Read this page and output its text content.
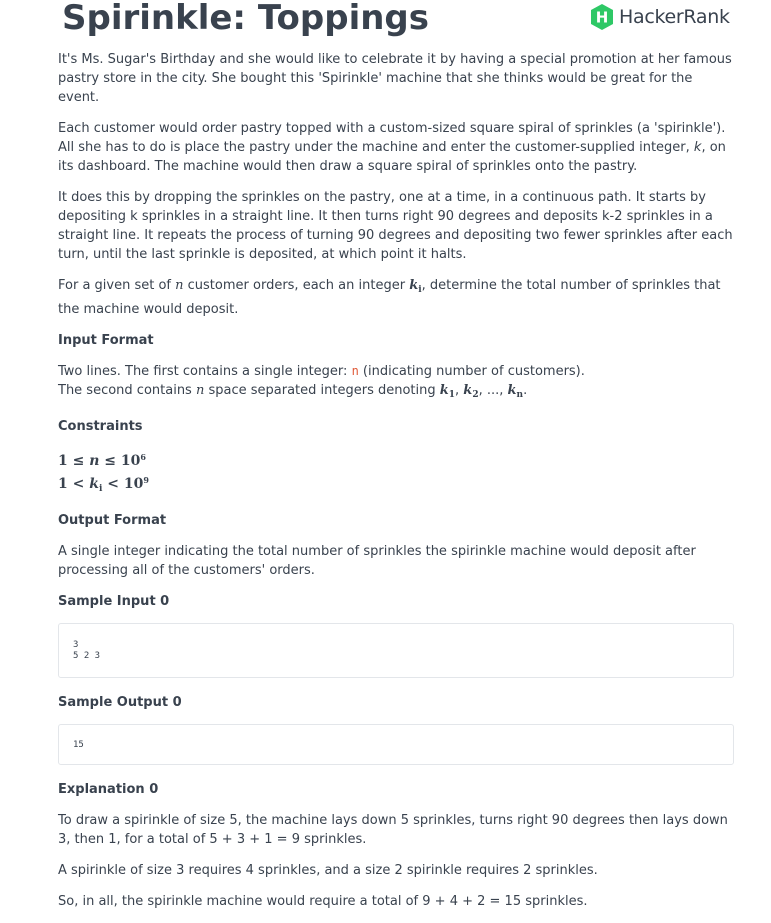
Spirinkle: Toppings	H HackerRank

It's Ms. Sugar's Birthday and she would like to celebrate it by having a special promotion at her famous pastry store in the city. She bought this 'Spirinkle' machine that she thinks would be great for the event.

Each customer would order pastry topped with a custom-sized square spiral of sprinkles (a 'spirinkle'). All she has to do is place the pastry under the machine and enter the customer-supplied integer, k, on its dashboard. The machine would then draw a square spiral of sprinkles onto the pastry.

It does this by dropping the sprinkles on the pastry, one at a time, in a continuous path. It starts by depositing k sprinkles in a straight line. It then turns right 90 degrees and deposits k-2 sprinkles in a straight line. It repeats the process of turning 90 degrees and depositing two fewer sprinkles after each turn, until the last sprinkle is deposited, at which point it halts.

For a given set of n customer orders, each an integer $k_i$, determine the total number of sprinkles that the machine would deposit.

Input Format

Two lines. The first contains a single integer: n (indicating number of customers).
The second contains n space separated integers denoting $k_1$, $k_2$, ..., $k_n$.

Constraints
$1 \le n \le 10^6$
$1 < k_i < 10^9$
Output Format

A single integer indicating the total number of sprinkles the spirinkle machine would deposit after processing all of the customers' orders.

Sample Input 0
3
5 2 3
Sample Output 0
15
Explanation 0

To draw a spirinkle of size 5, the machine lays down 5 sprinkles, turns right 90 degrees then lays down 3, then 1, for a total of 5 + 3 + 1 = 9 sprinkles.

A spirinkle of size 3 requires 4 sprinkles, and a size 2 spirinkle requires 2 sprinkles.

So, in all, the spirinkle machine would require a total of 9 + 4 + 2 = 15 sprinkles.
